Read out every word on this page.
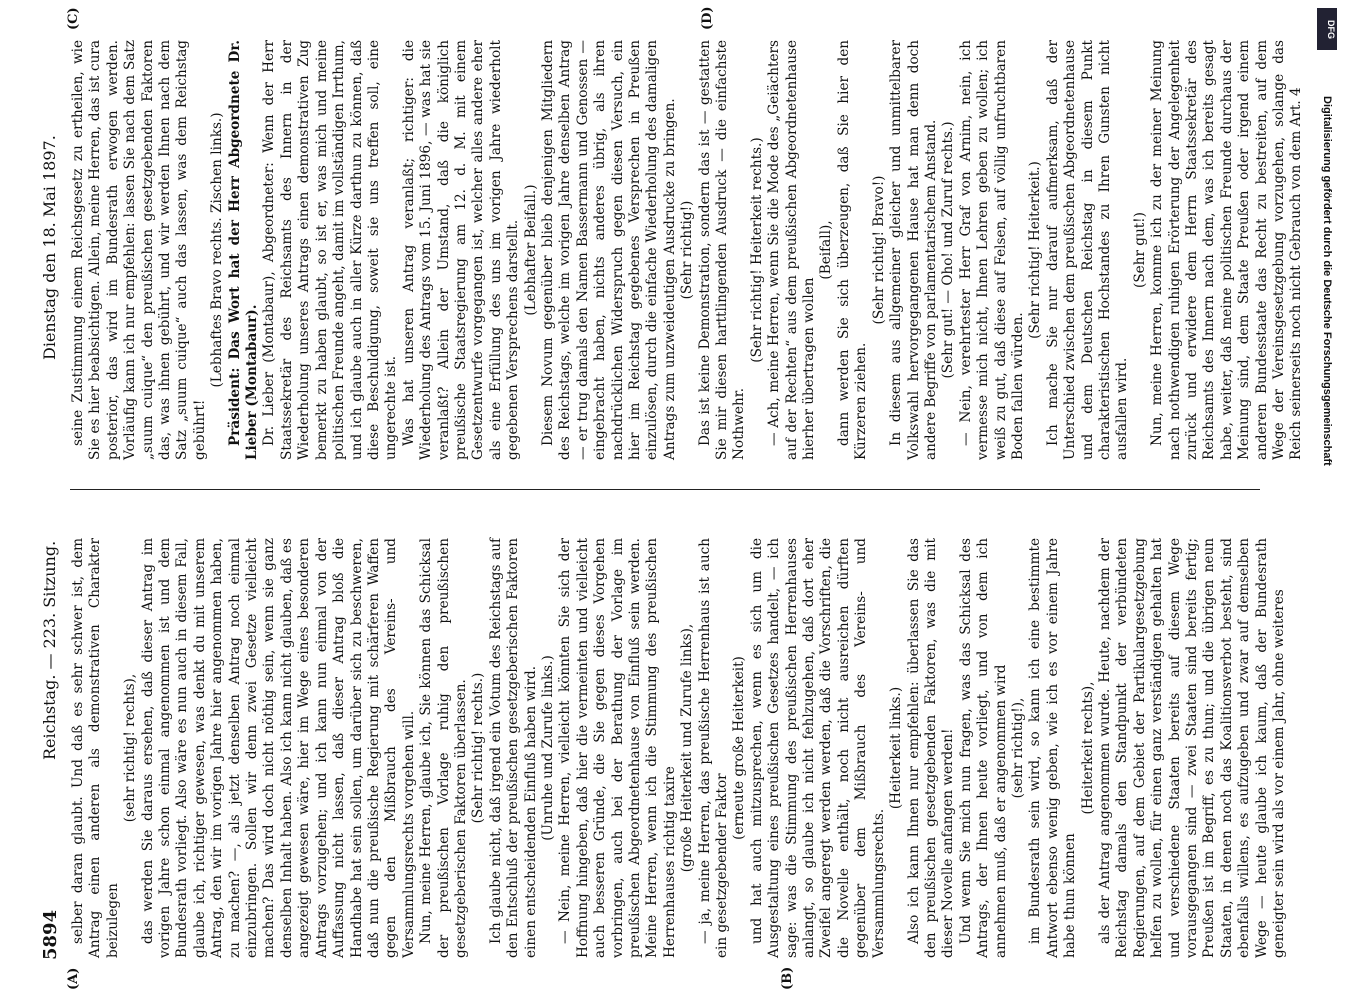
5894
Reichstag. — 223. Sitzung.
Dienstag den 18. Mai 1897.
(A)	(B)
(C)	(D)

selber daran glaubt. Und daß es sehr schwer ist, dem Antrag einen anderen als demonstrativen Charakter beizulegen

(sehr richtig! rechts), das werden Sie daraus ersehen, daß dieser Antrag im vorigen Jahre schon einmal angenommen ist und dem Bundesrath vorliegt. Also wäre es nun auch in diesem Fall, glaube ich, richtiger gewesen, was denkt du mit unserem Antrag, den wir im vorigen Jahre hier angenommen haben, zu machen? —, als jetzt denselben Antrag noch einmal einzubringen. Sollen wir denn zwei Gesetze vielleicht machen? Das wird doch nicht nöthig sein, wenn sie ganz denselben Inhalt haben. Also ich kann nicht glauben, daß es angezeigt gewesen wäre, hier im Wege eines besonderen Antrags vorzugehen; und ich kann nun einmal von der Auffassung nicht lassen, daß dieser Antrag bloß die Handhabe hat sein sollen, um darüber sich zu beschweren, daß nun die preußische Regierung mit schärferen Waffen gegen den Mißbrauch des Vereins- und Versammlungsrechts vorgehen will. Nun, meine Herren, glaube ich, Sie können das Schicksal der preußischen Vorlage ruhig den preußischen gesetzgeberischen Faktoren überlassen. (Sehr richtig! rechts.) Ich glaube nicht, daß irgend ein Votum des Reichstags auf den Entschluß der preußischen gesetzgeberischen Faktoren einen entscheidenden Einfluß haben wird. (Unruhe und Zurufe links.) — Nein, meine Herren, vielleicht könnten Sie sich der Hoffnung hingeben, daß hier die vermeinten und vielleicht auch besseren Gründe, die Sie gegen dieses Vorgehen vorbringen, auch bei der Berathung der Vorlage im preußischen Abgeordnetenhause von Einfluß sein werden. Meine Herren, wenn ich die Stimmung des preußischen Herrenhauses richtig taxire (große Heiterkeit und Zurufe links), — ja, meine Herren, das preußische Herrenhaus ist auch ein gesetzgebender Faktor

(erneute große Heiterkeit) und hat auch mitzusprechen, wenn es sich um die Ausgestaltung eines preußischen Gesetzes handelt, — ich sage: was die Stimmung des preußischen Herrenhauses anlangt, so glaube ich nicht fehlzugehen, daß dort eher Zweifel angeregt werden werden, daß die Vorschriften, die die Novelle enthält, noch nicht ausreichen dürften gegenüber dem Mißbrauch des Vereins- und Versammlungsrechts.

(Heiterkeit links.) Also ich kann Ihnen nur empfehlen: überlassen Sie das den preußischen gesetzgebenden Faktoren, was die mit dieser Novelle anfangen werden! Und wenn Sie mich nun fragen, was das Schicksal des Antrags, der Ihnen heute vorliegt, und von dem ich annehmen muß, daß er angenommen wird (sehr richtig!), im Bundesrath sein wird, so kann ich eine bestimmte Antwort ebenso wenig geben, wie ich es vor einem Jahre habe thun können

(Heiterkeit rechts), als der Antrag angenommen wurde. Heute, nachdem der Reichstag damals den Standpunkt der verbündeten Regierungen, auf dem Gebiet der Partikulargesetzgebung helfen zu wollen, für einen ganz verständigen gehalten hat und verschiedene Staaten bereits auf diesem Wege vorausgegangen sind — zwei Staaten sind bereits fertig; Preußen ist im Begriff, es zu thun; und die übrigen neun Staaten, in denen noch das Koalitionsverbot besteht, sind ebenfalls willens, es aufzugeben und zwar auf demselben Wege — heute glaube ich kaum, daß der Bundesrath geneigter sein wird als vor einem Jahr, ohne weiteres

seine Zustimmung einem Reichsgesetz zu ertheilen, wie Sie es hier beabsichtigen. Allein, meine Herren, das ist cura posterior, das wird im Bundesrath erwogen werden. Vorläufig kann ich nur empfehlen: lassen Sie nach dem Satz „suum cuique“ den preußischen gesetzgebenden Faktoren das, was ihnen gebührt, und wir werden Ihnen nach dem Satz „suum cuique“ auch das lassen, was dem Reichstag gebührt!

(Lebhaftes Bravo rechts. Zischen links.) Präsident: Das Wort hat der Herr Abgeordnete Dr. Lieber (Montabaur). Dr. Lieber (Montabaur), Abgeordneter: Wenn der Herr Staatssekretär des Reichsamts des Innern in der Wiederholung unseres Antrags einen demonstrativen Zug bemerkt zu haben glaubt, so ist er, was mich und meine politischen Freunde angeht, damit im vollständigen Irrthum, und ich glaube auch in aller Kürze darthun zu können, daß diese Beschuldigung, soweit sie uns treffen soll, eine ungerechte ist. Was hat unseren Antrag veranlaßt; richtiger: die Wiederholung des Antrags vom 15. Juni 1896, — was hat sie veranlaßt? Allein der Umstand, daß die königlich preußische Staatsregierung am 12. d. M. mit einem Gesetzentwurfe vorgegangen ist, welcher alles andere eher als eine Erfüllung des uns im vorigen Jahre wiederholt gegebenen Versprechens darstellt. (Lebhafter Beifall.) Diesem Novum gegenüber blieb denjenigen Mitgliedern des Reichstags, welche im vorigen Jahre denselben Antrag — er trug damals den Namen Bassermann und Genossen — eingebracht haben, nichts anderes übrig, als ihren nachdrücklichen Widerspruch gegen diesen Versuch, ein hier im Reichstag gegebenes Versprechen in Preußen einzulösen, durch die einfache Wiederholung des damaligen Antrags zum unzweideutigen Ausdrucke zu bringen. (Sehr richtig!) Das ist keine Demonstration, sondern das ist — gestatten Sie mir diesen harttlingenden Ausdruck — die einfachste Nothwehr.

(Sehr richtig! Heiterkeit rechts.) — Ach, meine Herren, wenn Sie die Mode des „Geiächters auf der Rechten“ aus dem preußischen Abgeordnetenhause hierher übertragen wollen

(Beifall), dann werden Sie sich überzeugen, daß Sie hier den Kürzeren ziehen.

(Sehr richtig! Bravo!) In diesem aus allgemeiner gleicher und unmittelbarer Volkswahl hervorgegangenen Hause hat man denn doch andere Begriffe von parlamentarischem Anstand. (Sehr gut! — Oho! und Zuruf rechts.) — Nein, verehrtester Herr Graf von Arnim, nein, ich vermesse mich nicht, Ihnen Lehren geben zu wollen; ich weiß zu gut, daß diese auf Felsen, auf völlig unfruchtbaren Boden fallen würden.

(Sehr richtig! Heiterkeit.) Ich mache Sie nur darauf aufmerksam, daß der Unterschied zwischen dem preußischen Abgeordnetenhause und dem Deutschen Reichstag in diesem Punkt charakteristischen Hochstandes zu Ihren Gunsten nicht ausfallen wird.

(Sehr gut!) Nun, meine Herren, komme ich zu der meiner Meinung nach nothwendigen ruhigen Erörterung der Angelegenheit zurück und erwidere dem Herrn Staatssekretär des Reichsamts des Innern nach dem, was ich bereits gesagt habe, weiter, daß meine politischen Freunde durchaus der Meinung sind, dem Staate Preußen oder irgend einem anderen Bundesstaate das Recht zu bestreiten, auf dem Wege der Vereinsgesetzgebung vorzugehen, solange das Reich seinerseits noch nicht Gebrauch von dem Art. 4

DFG
Digitalisierung gefördert durch die Deutsche Forschungsgemeinschaft
